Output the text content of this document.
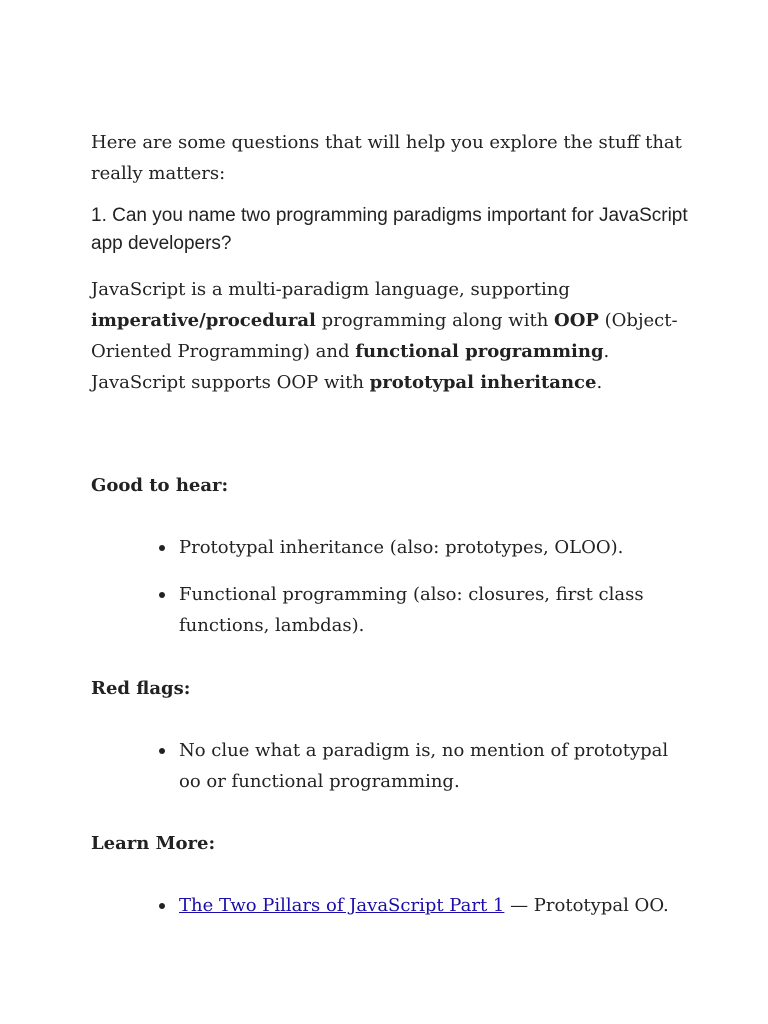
Here are some questions that will help you explore the stuff that really matters:

1. Can you name two programming paradigms important for JavaScript app developers?

JavaScript is a multi-paradigm language, supporting imperative/procedural programming along with OOP (Object-Oriented Programming) and functional programming. JavaScript supports OOP with prototypal inheritance.

Good to hear:

Prototypal inheritance (also: prototypes, OLOO).
Functional programming (also: closures, first class functions, lambdas).

Red flags:

No clue what a paradigm is, no mention of prototypal oo or functional programming.

Learn More:

The Two Pillars of JavaScript Part 1 — Prototypal OO.
